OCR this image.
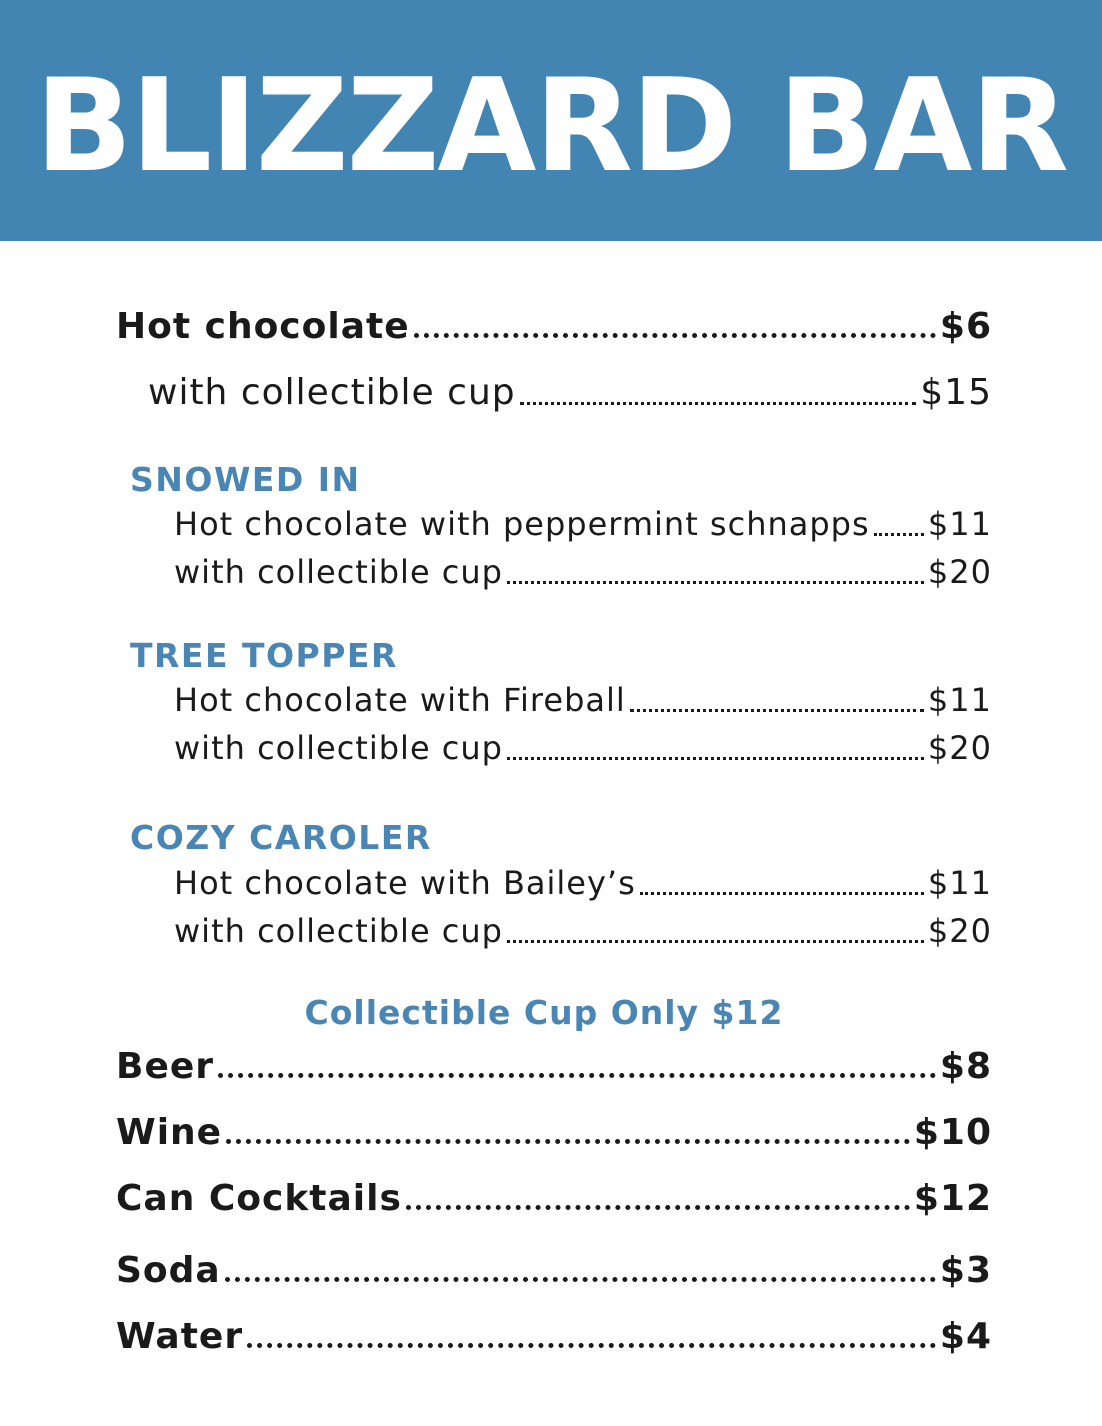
BLIZZARD BAR
Hot chocolate	$6
with collectible cup	$15
SNOWED IN
Hot chocolate with peppermint schnapps $11
with collectible cup	$20
TREE TOPPER
Hot chocolate with Fireball	$11
with collectible cup	$20
COZY CAROLER
Hot chocolate with Bailey’s	$11
with collectible cup	$20
Collectible Cup Only $12
Beer	$8
Wine	$10
Can Cocktails	$12
Soda	$3
Water	$4
